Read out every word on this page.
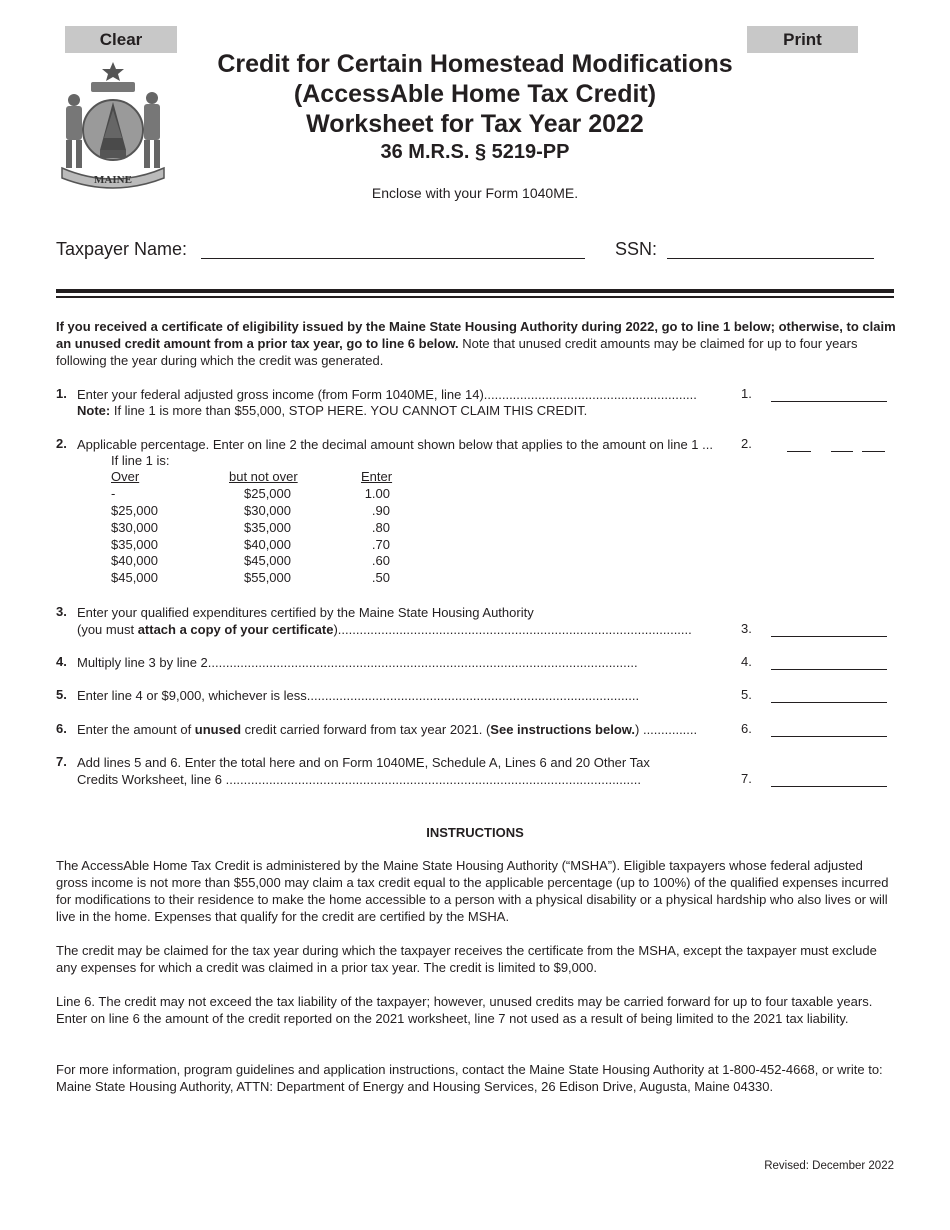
Clear	Print
MAINE
Credit for Certain Homestead Modifications
(AccessAble Home Tax Credit)
Worksheet for Tax Year 2022
36 M.R.S. § 5219-PP
Enclose with your Form 1040ME.
Taxpayer Name:	SSN:
If you received a certificate of eligibility issued by the Maine State Housing Authority during 2022, go to line 1 below; otherwise, to claim an unused credit amount from a prior tax year, go to line 6 below. Note that unused credit amounts may be claimed for up to four years following the year during which the credit was generated.
1. Enter your federal adjusted gross income (from Form 1040ME, line 14)...........................................................	1.
Note: If line 1 is more than $55,000, STOP HERE. YOU CANNOT CLAIM THIS CREDIT.
2. Applicable percentage. Enter on line 2 the decimal amount shown below that applies to the amount on line 1 ... 2.
If line 1 is:
Over	but not over	Enter
-	$25,000	1.00
$25,000	$30,000	.90
$30,000	$35,000	.80
$35,000	$40,000	.70
$40,000	$45,000	.60
$45,000	$55,000	.50
3. Enter your qualified expenditures certified by the Maine State Housing Authority
(you must attach a copy of your certificate)..................................................................................................	3.
4. Multiply line 3 by line 2.......................................................................................................................	4.
5. Enter line 4 or $9,000, whichever is less............................................................................................	5.
6. Enter the amount of unused credit carried forward from tax year 2021. (See instructions below.) ...............	6.
7. Add lines 5 and 6. Enter the total here and on Form 1040ME, Schedule A, Lines 6 and 20 Other Tax
Credits Worksheet, line 6 ...................................................................................................................	7.
INSTRUCTIONS
The AccessAble Home Tax Credit is administered by the Maine State Housing Authority (“MSHA”). Eligible taxpayers whose federal adjusted gross income is not more than $55,000 may claim a tax credit equal to the applicable percentage (up to 100%) of the qualified expenses incurred for modifications to their residence to make the home accessible to a person with a physical disability or a physical hardship who also lives or will live in the home. Expenses that qualify for the credit are certified by the MSHA.
The credit may be claimed for the tax year during which the taxpayer receives the certificate from the MSHA, except the taxpayer must exclude any expenses for which a credit was claimed in a prior tax year. The credit is limited to $9,000.
Line 6. The credit may not exceed the tax liability of the taxpayer; however, unused credits may be carried forward for up to four taxable years. Enter on line 6 the amount of the credit reported on the 2021 worksheet, line 7 not used as a result of being limited to the 2021 tax liability.
For more information, program guidelines and application instructions, contact the Maine State Housing Authority at 1-800-452-4668, or write to: Maine State Housing Authority, ATTN: Department of Energy and Housing Services, 26 Edison Drive, Augusta, Maine 04330.
Revised: December 2022
